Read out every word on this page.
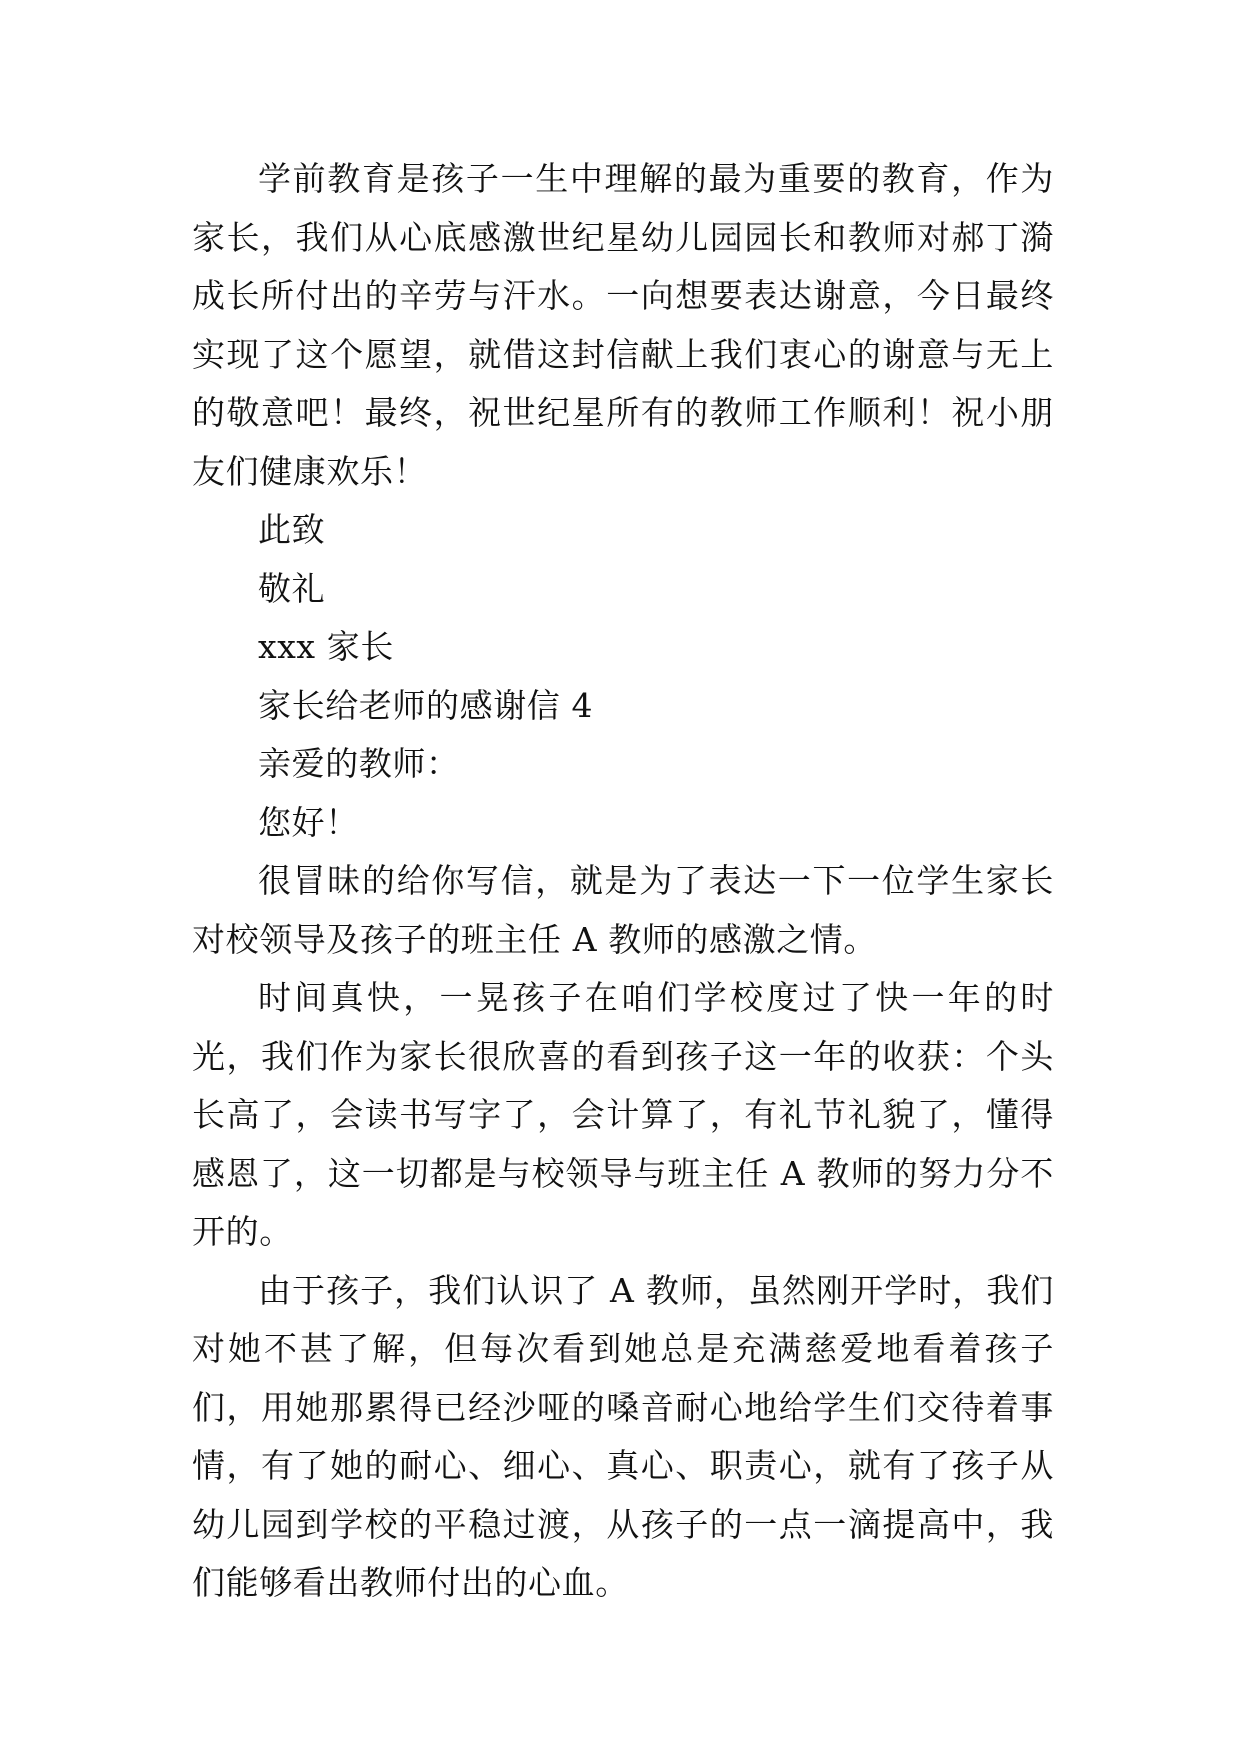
学前教育是孩子一生中理解的最为重要的教育，作为家长，我们从心底感激世纪星幼儿园园长和教师对郝丁漪成长所付出的辛劳与汗水。一向想要表达谢意，今日最终实现了这个愿望，就借这封信献上我们衷心的谢意与无上的敬意吧！最终，祝世纪星所有的教师工作顺利！祝小朋友们健康欢乐！

此致

敬礼

xxx 家长

家长给老师的感谢信 4

亲爱的教师：

您好！

很冒昧的给你写信，就是为了表达一下一位学生家长对校领导及孩子的班主任 A 教师的感激之情。

时间真快，一晃孩子在咱们学校度过了快一年的时光，我们作为家长很欣喜的看到孩子这一年的收获：个头长高了，会读书写字了，会计算了，有礼节礼貌了，懂得感恩了，这一切都是与校领导与班主任 A 教师的努力分不开的。

由于孩子，我们认识了 A 教师，虽然刚开学时，我们对她不甚了解，但每次看到她总是充满慈爱地看着孩子们，用她那累得已经沙哑的嗓音耐心地给学生们交待着事情，有了她的耐心、细心、真心、职责心，就有了孩子从幼儿园到学校的平稳过渡，从孩子的一点一滴提高中，我们能够看出教师付出的心血。
